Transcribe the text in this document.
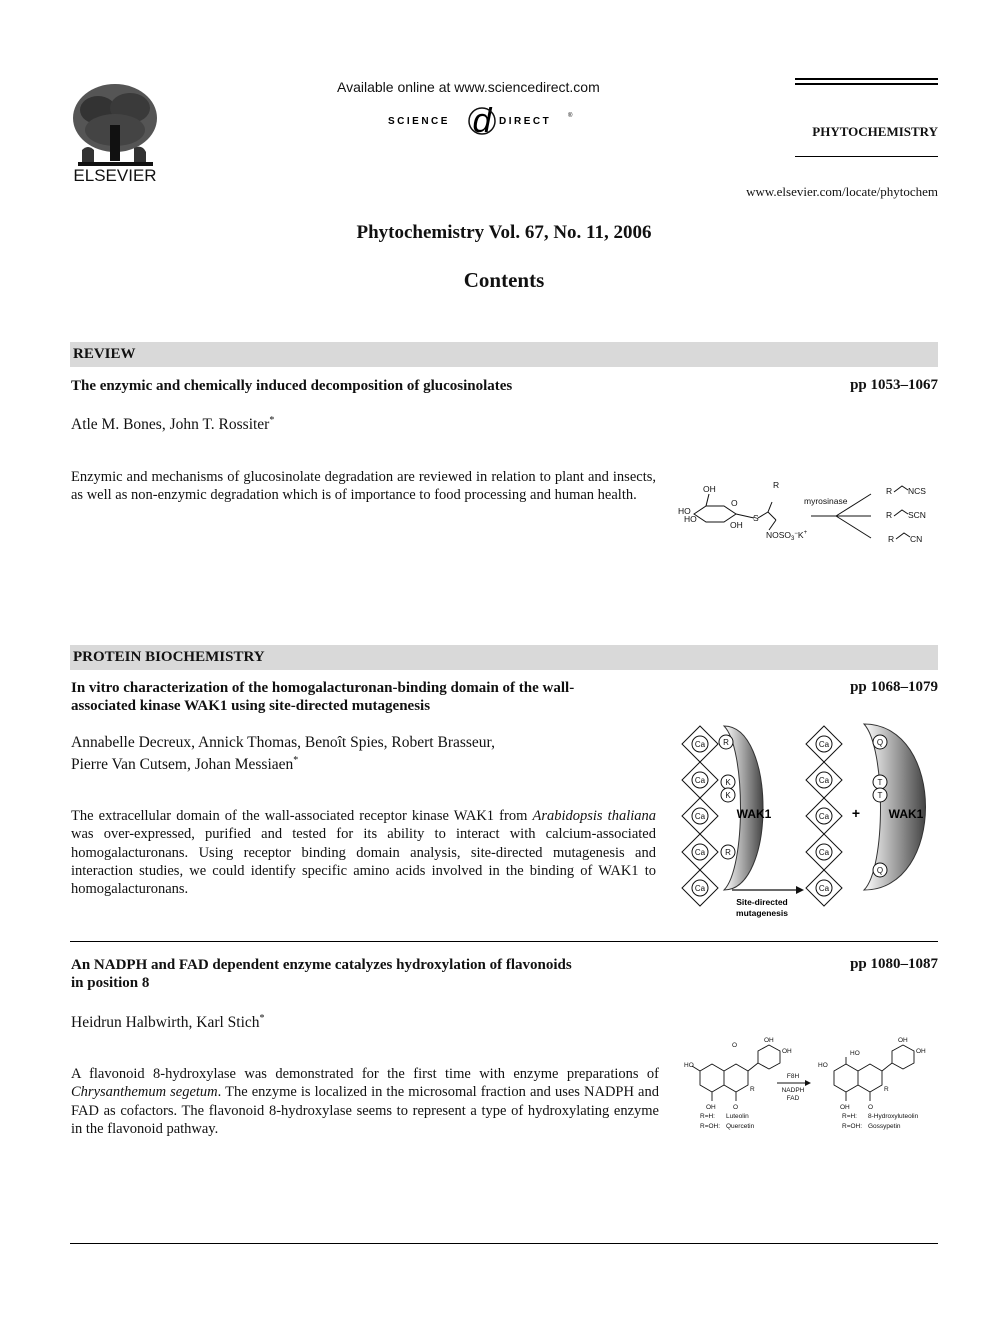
ELSEVIER
Available online at www.sciencedirect.com
SCIENCE d DIRECT	®
PHYTOCHEMISTRY
www.elsevier.com/locate/phytochem
Phytochemistry Vol. 67, No. 11, 2006
Contents
REVIEW
The enzymic and chemically induced decomposition of glucosinolates	pp 1053–1067
Atle M. Bones, John T. Rossiter*
Enzymic and mechanisms of glucosinolate degradation are reviewed in relation to plant and insects, as well as non-enzymic degradation which is of importance to food processing and human health.	OH
HO
HO
O
OH
S
R
$NOSO_3^-K^+$
myrosinase
R NCS
R SCN
R CN
PROTEIN BIOCHEMISTRY
In vitro characterization of the homogalacturonan-binding domain of the wall-
associated kinase WAK1 using site-directed mutagenesis
pp 1068–1079
Annabelle Decreux, Annick Thomas, Benoît Spies, Robert Brasseur,
Pierre Van Cutsem, Johan Messiaen*
The extracellular domain of the wall-associated receptor kinase WAK1 from Arabidopsis thaliana was over-expressed, purified and tested for its ability to interact with calcium-associated homogalacturonans. Using receptor binding domain analysis, site-directed mutagenesis and interaction studies, we could identify specific amino acids involved in the binding of WAK1 to homogalacturonans.
Ca
Ca
Ca
Ca
Ca
Ca
Ca
Ca
Ca
Ca
R
K
K
R
Q
T
T
Q
WAK1	WAK1
+
Site-directed
mutagenesis
An NADPH and FAD dependent enzyme catalyzes hydroxylation of flavonoids
in position 8
pp 1080–1087
Heidrun Halbwirth, Karl Stich*
A flavonoid 8-hydroxylase was demonstrated for the first time with enzyme preparations of Chrysanthemum segetum. The enzyme is localized in the microsomal fraction and uses NADPH and FAD as cofactors. The flavonoid 8-hydroxylase seems to represent a type of hydroxylating enzyme in the flavonoid pathway.
HO
OH
OH
O
OH	O
R
HO
HO
OH
OH
OH	O
R
F8H
NADPH
FAD
R=H: Luteolin
R=OH: Quercetin
R=H: 8-Hydroxyluteolin
R=OH: Gossypetin
